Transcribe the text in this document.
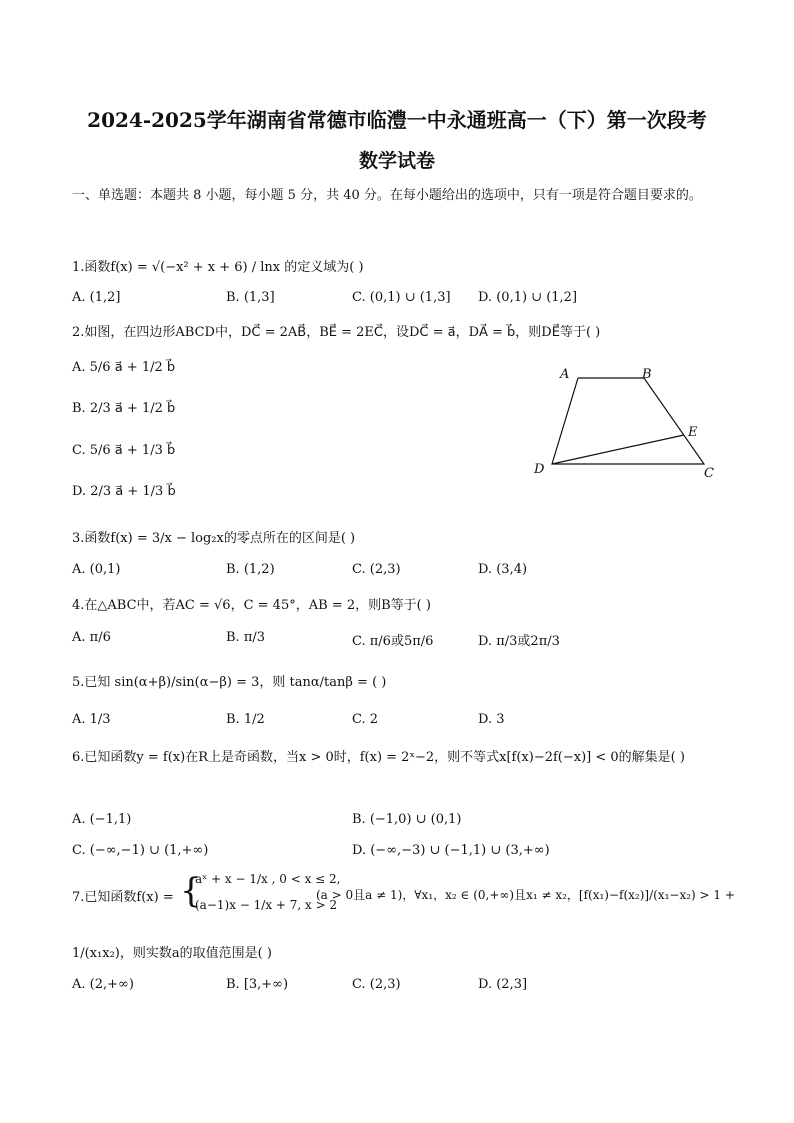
2024-2025学年湖南省常德市临澧一中永通班高一（下）第一次段考
数学试卷
一、单选题：本题共 8 小题，每小题 5 分，共 40 分。在每小题给出的选项中，只有一项是符合题目要求的。
1.函数f(x) = √(−x² + x + 6) / lnx 的定义域为( )
A. (1,2]	B. (1,3]	C. (0,1) ∪ (1,3] D. (0,1) ∪ (1,2]
2.如图，在四边形ABCD中，DC⃗ = 2AB⃗，BE⃗ = 2EC⃗，设DC⃗ = a⃗，DA⃗ = b⃗，则DE⃗等于( )
A. 5/6 a⃗ + 1/2 b⃗
B. 2/3 a⃗ + 1/2 b⃗
C. 5/6 a⃗ + 1/3 b⃗
D. 2/3 a⃗ + 1/3 b⃗
A	B
E
D	C
3.函数f(x) = 3/x − log₂x的零点所在的区间是( )
A. (0,1)	B. (1,2)	C. (2,3)	D. (3,4)
4.在△ABC中，若AC = √6，C = 45°，AB = 2，则B等于( )
A. π/6	B. π/3	C. π/6或5π/6	D. π/3或2π/3
5.已知 sin(α+β)/sin(α−β) = 3，则 tanα/tanβ = ( )
A. 1/3	B. 1/2	C. 2	D. 3
6.已知函数y = f(x)在R上是奇函数，当x > 0时，f(x) = 2ˣ−2，则不等式x[f(x)−2f(−x)] < 0的解集是( )
A. (−1,1)	B. (−1,0) ∪ (0,1)
C. (−∞,−1) ∪ (1,+∞)	D. (−∞,−3) ∪ (−1,1) ∪ (3,+∞)
7.已知函数f(x) = {
aˣ + x − 1/x , 0 < x ≤ 2,
(a−1)x − 1/x + 7, x > 2
(a > 0且a ≠ 1)，∀x₁，x₂ ∈ (0,+∞)且x₁ ≠ x₂，[f(x₁)−f(x₂)]/(x₁−x₂) > 1 +
1/(x₁x₂)，则实数a的取值范围是( )
A. (2,+∞)	B. [3,+∞)	C. (2,3)	D. (2,3]
